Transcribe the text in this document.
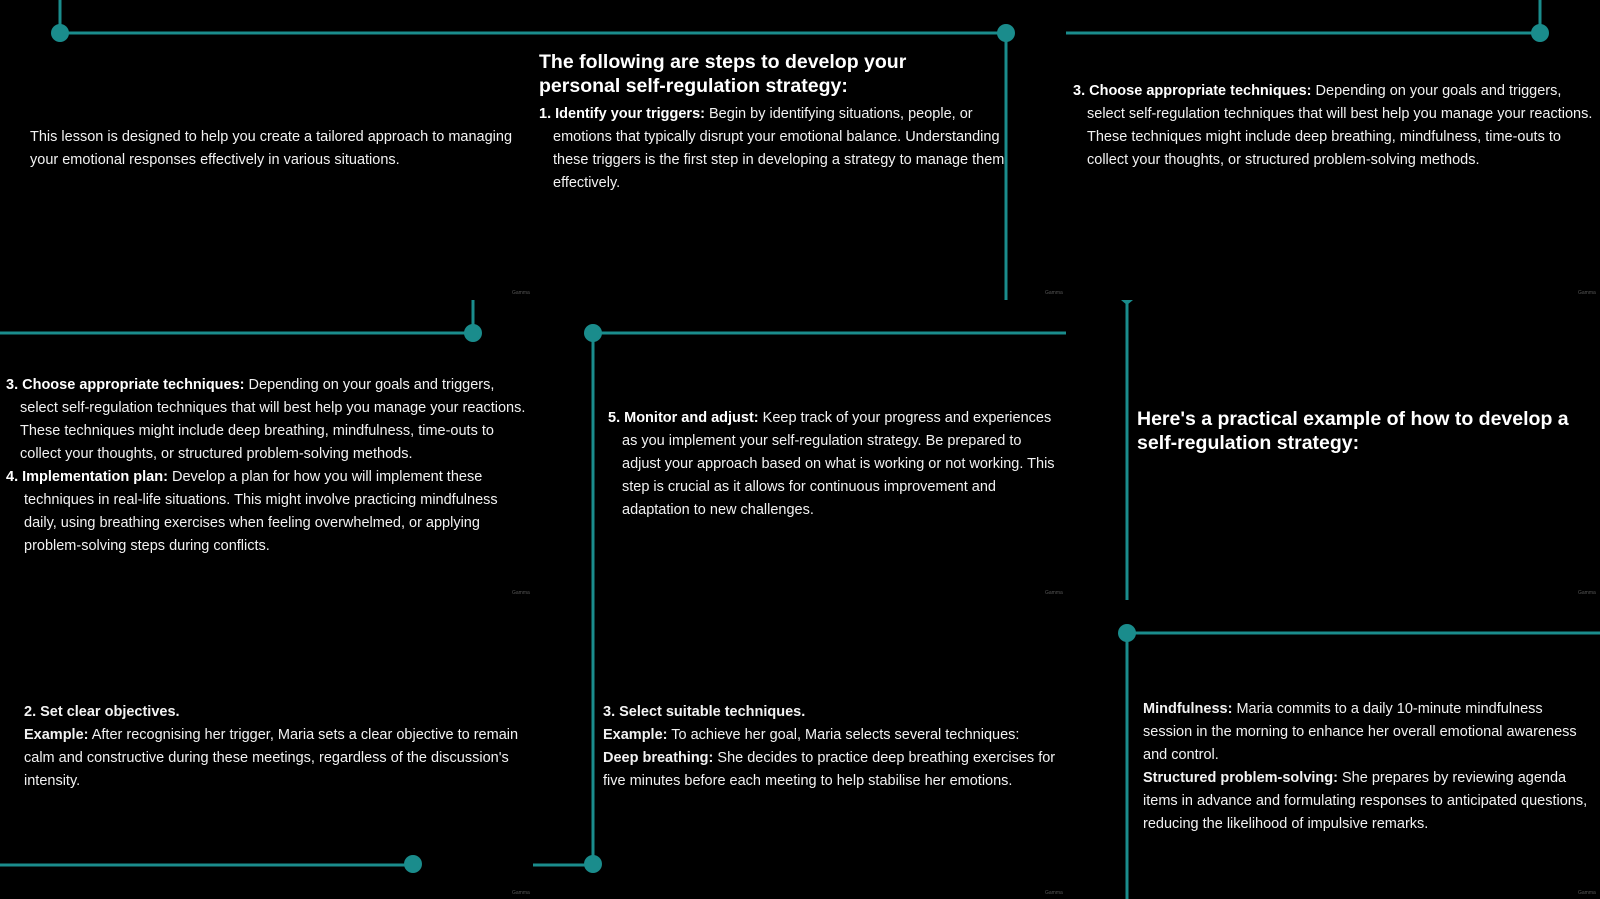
This lesson is designed to help you create a tailored approach to managing your emotional responses effectively in various situations.

The following are steps to develop your personal self-regulation strategy:

1. Identify your triggers: Begin by identifying situations, people, or emotions that typically disrupt your emotional balance. Understanding these triggers is the first step in developing a strategy to manage them effectively.

3. Choose appropriate techniques: Depending on your goals and triggers, select self-regulation techniques that will best help you manage your reactions. These techniques might include deep breathing, mindfulness, time-outs to collect your thoughts, or structured problem-solving methods.

3. Choose appropriate techniques: Depending on your goals and triggers, select self-regulation techniques that will best help you manage your reactions. These techniques might include deep breathing, mindfulness, time-outs to collect your thoughts, or structured problem-solving methods.

4. Implementation plan: Develop a plan for how you will implement these techniques in real-life situations. This might involve practicing mindfulness daily, using breathing exercises when feeling overwhelmed, or applying problem-solving steps during conflicts.

5. Monitor and adjust: Keep track of your progress and experiences as you implement your self-regulation strategy. Be prepared to adjust your approach based on what is working or not working. This step is crucial as it allows for continuous improvement and adaptation to new challenges.

Here's a practical example of how to develop a self-regulation strategy:

2. Set clear objectives.

Example: After recognising her trigger, Maria sets a clear objective to remain calm and constructive during these meetings, regardless of the discussion's intensity.

3. Select suitable techniques.

Example: To achieve her goal, Maria selects several techniques:

Deep breathing: She decides to practice deep breathing exercises for five minutes before each meeting to help stabilise her emotions.

Mindfulness: Maria commits to a daily 10-minute mindfulness session in the morning to enhance her overall emotional awareness and control.

Structured problem-solving: She prepares by reviewing agenda items in advance and formulating responses to anticipated questions, reducing the likelihood of impulsive remarks.

Gamma	Gamma	Gamma
Gamma	Gamma	Gamma
Gamma	Gamma	Gamma
